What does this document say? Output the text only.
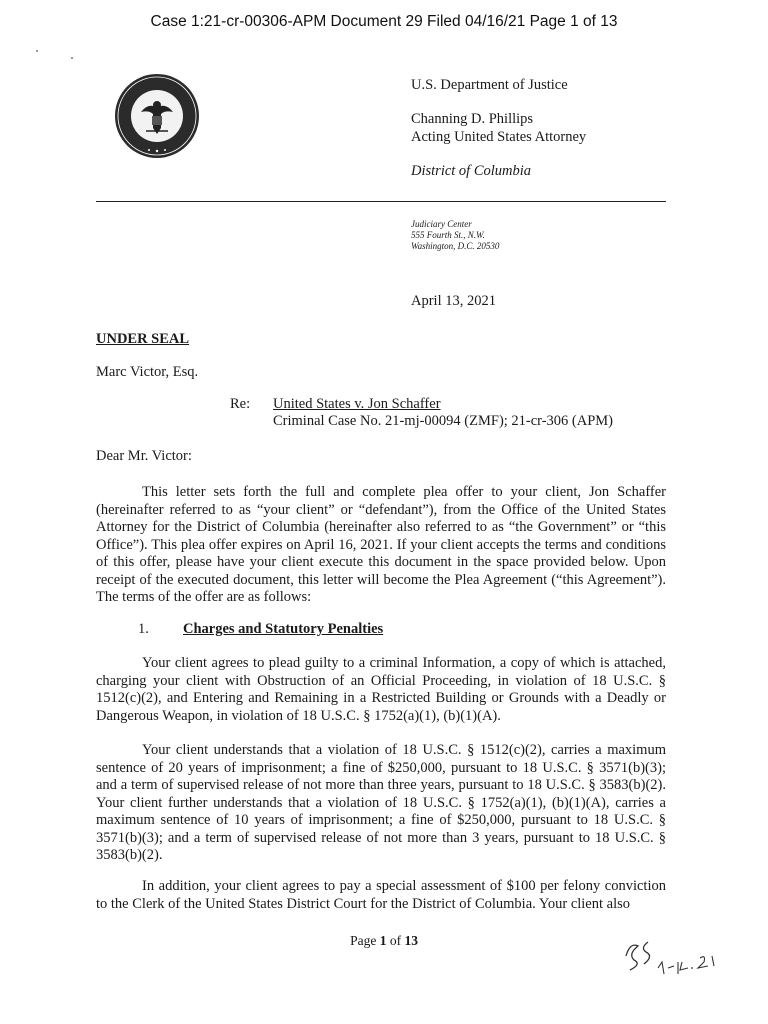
Case 1:21-cr-00306-APM Document 29 Filed 04/16/21 Page 1 of 13
U.S. Department of Justice
Channing D. Phillips
Acting United States Attorney
District of Columbia
Judiciary Center
555 Fourth St., N.W.
Washington, D.C. 20530
April 13, 2021
UNDER SEAL
Marc Victor, Esq.
Re: United States v. Jon Schaffer
Criminal Case No. 21-mj-00094 (ZMF); 21-cr-306 (APM)
Dear Mr. Victor:
This letter sets forth the full and complete plea offer to your client, Jon Schaffer (hereinafter referred to as “your client” or “defendant”), from the Office of the United States Attorney for the District of Columbia (hereinafter also referred to as “the Government” or “this Office”). This plea offer expires on April 16, 2021. If your client accepts the terms and conditions of this offer, please have your client execute this document in the space provided below. Upon receipt of the executed document, this letter will become the Plea Agreement (“this Agreement”). The terms of the offer are as follows:
1. Charges and Statutory Penalties
Your client agrees to plead guilty to a criminal Information, a copy of which is attached, charging your client with Obstruction of an Official Proceeding, in violation of 18 U.S.C. § 1512(c)(2), and Entering and Remaining in a Restricted Building or Grounds with a Deadly or Dangerous Weapon, in violation of 18 U.S.C. § 1752(a)(1), (b)(1)(A).
Your client understands that a violation of 18 U.S.C. § 1512(c)(2), carries a maximum sentence of 20 years of imprisonment; a fine of $250,000, pursuant to 18 U.S.C. § 3571(b)(3); and a term of supervised release of not more than three years, pursuant to 18 U.S.C. § 3583(b)(2). Your client further understands that a violation of 18 U.S.C. § 1752(a)(1), (b)(1)(A), carries a maximum sentence of 10 years of imprisonment; a fine of $250,000, pursuant to 18 U.S.C. § 3571(b)(3); and a term of supervised release of not more than 3 years, pursuant to 18 U.S.C. § 3583(b)(2).
In addition, your client agrees to pay a special assessment of $100 per felony conviction to the Clerk of the United States District Court for the District of Columbia. Your client also
Page 1 of 13
